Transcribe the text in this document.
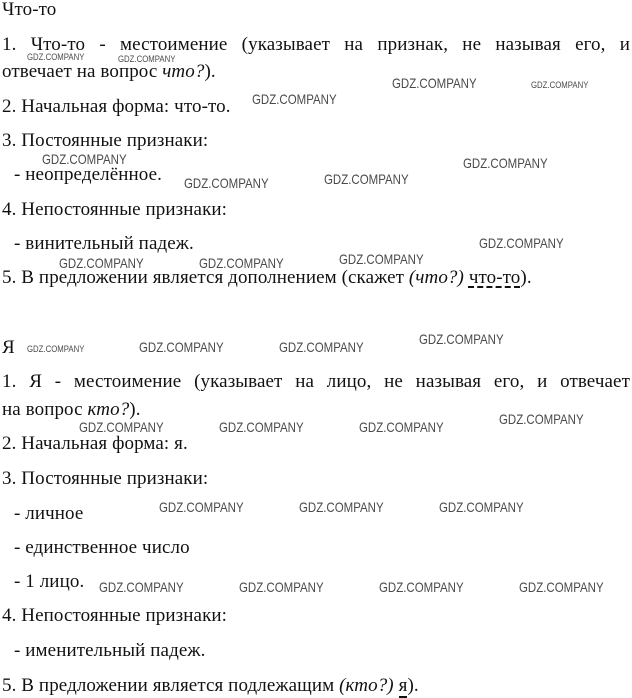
Что-то
1. Что-то - местоимение (указывает на признак, не называя его, и
отвечает на вопрос что?).
2. Начальная форма: что-то.
3. Постоянные признаки:
- неопределённое.
4. Непостоянные признаки:
- винительный падеж.
5. В предложении является дополнением (скажет (что?) что-то).
Я
1. Я - местоимение (указывает на лицо, не называя его, и отвечает
на вопрос кто?).
2. Начальная форма: я.
3. Постоянные признаки:
- личное
- единственное число
- 1 лицо.
4. Непостоянные признаки:
- именительный падеж.
5. В предложении является подлежащим (кто?) я).
GDZ.COMPANY	GDZ.COMPANY
GDZ.COMPANY	GDZ.COMPANY
GDZ.COMPANY
GDZ.COMPANY	GDZ.COMPANY
GDZ.COMPANY	GDZ.COMPANY
GDZ.COMPANY
GDZ.COMPANY	GDZ.COMPANY	GDZ.COMPANY
GDZ.COMPANY
GDZ.COMPANY	GDZ.COMPANY	GDZ.COMPANY
GDZ.COMPANY
GDZ.COMPANY	GDZ.COMPANY	GDZ.COMPANY
GDZ.COMPANY	GDZ.COMPANY	GDZ.COMPANY
GDZ.COMPANY	GDZ.COMPANY	GDZ.COMPANY	GDZ.COMPANY
